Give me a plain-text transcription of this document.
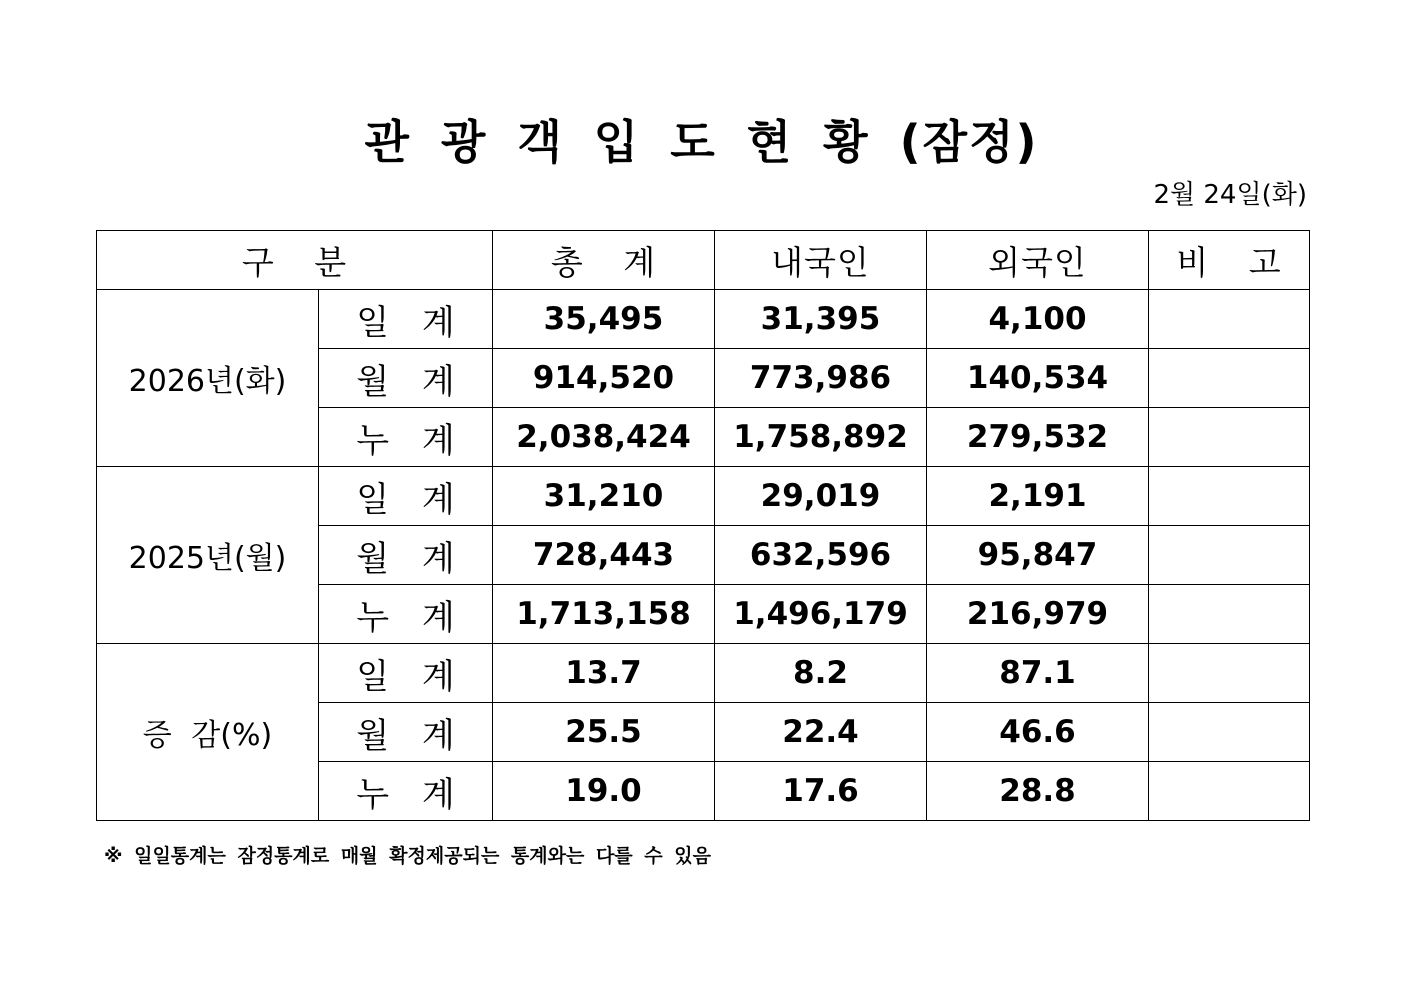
관 광 객 입 도 현 황 (잠정)
2월 24일(화)
구 분		총 계	내국인	외국인	비 고
2026년(화)	일 계	35,495	31,395	4,100	
	월 계	914,520	773,986	140,534	
	누 계	2,038,424	1,758,892	279,532	
2025년(월)	일 계	31,210	29,019	2,191	
	월 계	728,443	632,596	95,847	
	누 계	1,713,158	1,496,179	216,979	
증 감(%)	일 계	13.7	8.2	87.1	
	월 계	25.5	22.4	46.6	
	누 계	19.0	17.6	28.8	
※ 일일통계는 잠정통계로 매월 확정제공되는 통계와는 다를 수 있음
